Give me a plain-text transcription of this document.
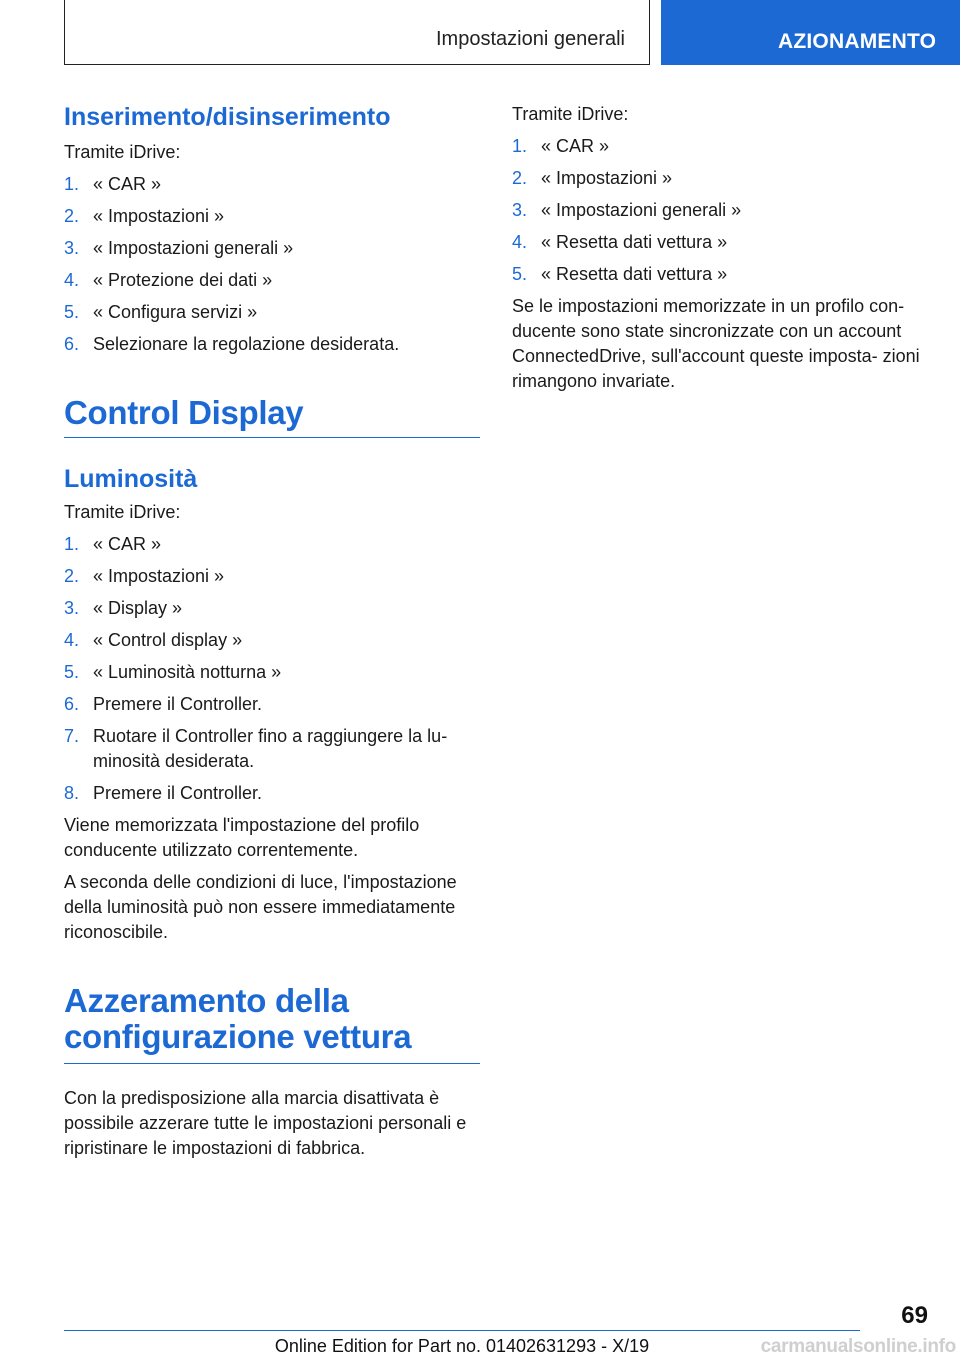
Impostazioni generali	AZIONAMENTO
Inserimento/disinserimento
Tramite iDrive:
1. « CAR »
2. « Impostazioni »
3. « Impostazioni generali »
4. « Protezione dei dati »
5. « Configura servizi »
6. Selezionare la regolazione desiderata.
Control Display
Luminosità
Tramite iDrive:
1. « CAR »
2. « Impostazioni »
3. « Display »
4. « Control display »
5. « Luminosità notturna »
6. Premere il Controller.
7. Ruotare il Controller fino a raggiungere la lu‐ minosità desiderata.
8. Premere il Controller.
Viene memorizzata l'impostazione del profilo conducente utilizzato correntemente.
A seconda delle condizioni di luce, l'impostazione della luminosità può non essere immediatamente riconoscibile.
Azzeramento della
configurazione vettura
Con la predisposizione alla marcia disattivata è possibile azzerare tutte le impostazioni personali e ripristinare le impostazioni di fabbrica.
Tramite iDrive:
1. « CAR »
2. « Impostazioni »
3. « Impostazioni generali »
4. « Resetta dati vettura »
5. « Resetta dati vettura »
Se le impostazioni memorizzate in un profilo con‐ ducente sono state sincronizzate con un account ConnectedDrive, sull'account queste imposta‐ zioni rimangono invariate.
69
Online Edition for Part no. 01402631293 - X/19	carmanualsonline.info
